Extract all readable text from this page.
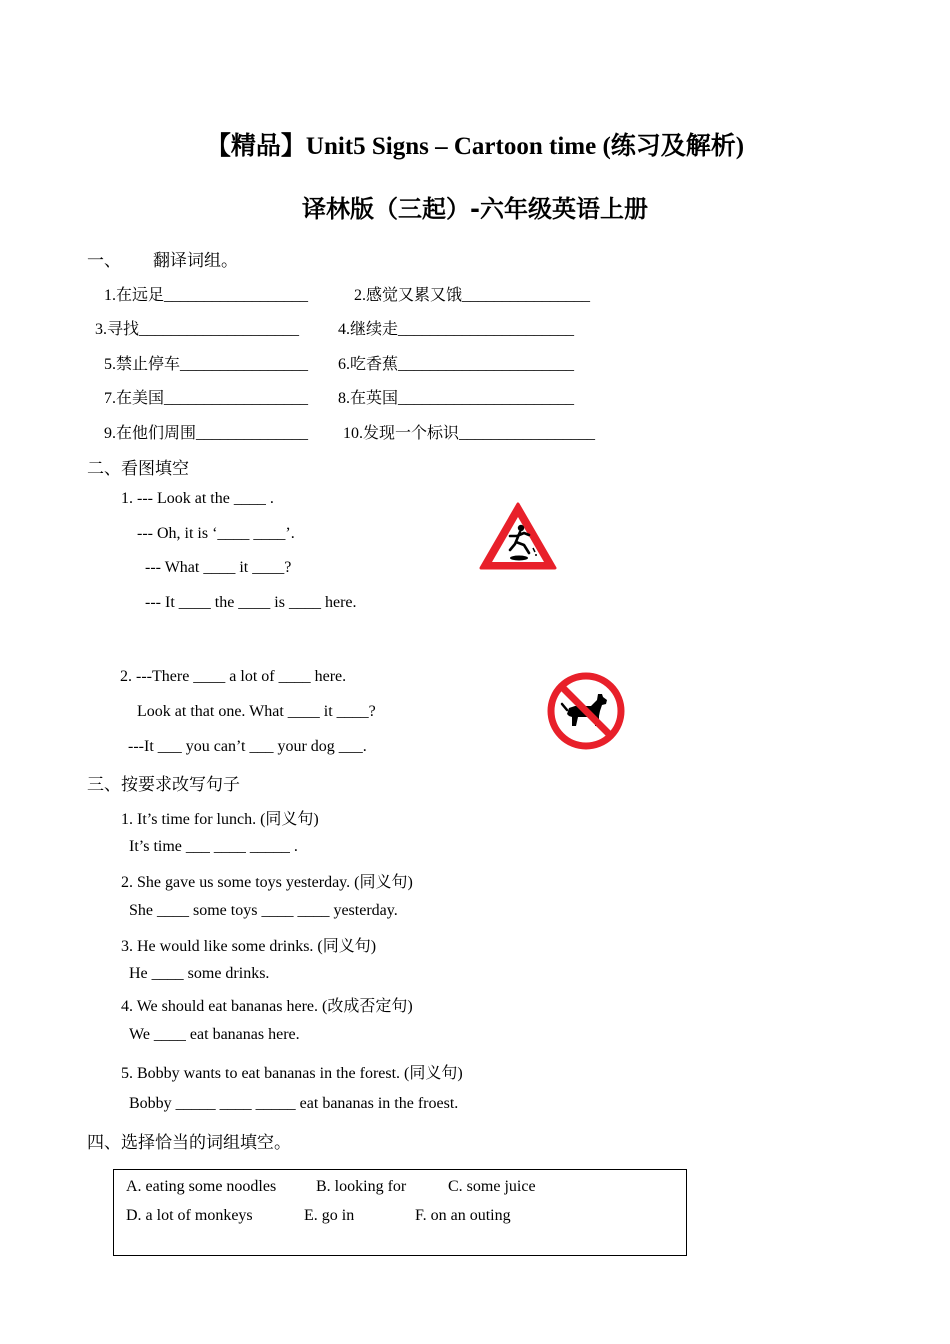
【精品】Unit5 Signs – Cartoon time (练习及解析)
译林版（三起）-六年级英语上册
一、 翻译词组。
1.在远足__________________	2.感觉又累又饿________________
3.寻找____________________ 4.继续走______________________
5.禁止停车________________ 6.吃香蕉______________________
7.在美国__________________ 8.在英国______________________
9.在他们周围______________ 10.发现一个标识_________________
二、看图填空
1. --- Look at the ____ .
--- Oh, it is ‘____ ____’.
--- What ____ it ____?
--- It ____ the ____ is ____ here.
2. ---There ____ a lot of ____ here.
Look at that one. What ____ it ____?
---It ___ you can’t ___ your dog ___.
三、按要求改写句子
1. It’s time for lunch. (同义句)
It’s time ___ ____ _____ .
2. She gave us some toys yesterday. (同义句)
She ____ some toys ____ ____ yesterday.
3. He would like some drinks. (同义句)
He ____ some drinks.
4. We should eat bananas here. (改成否定句)
We ____ eat bananas here.
5. Bobby wants to eat bananas in the forest. (同义句)
Bobby _____ ____ _____ eat bananas in the froest.
四、选择恰当的词组填空。
A. eating some noodles B. looking for	C. some juice
D. a lot of monkeys	E. go in	F. on an outing
